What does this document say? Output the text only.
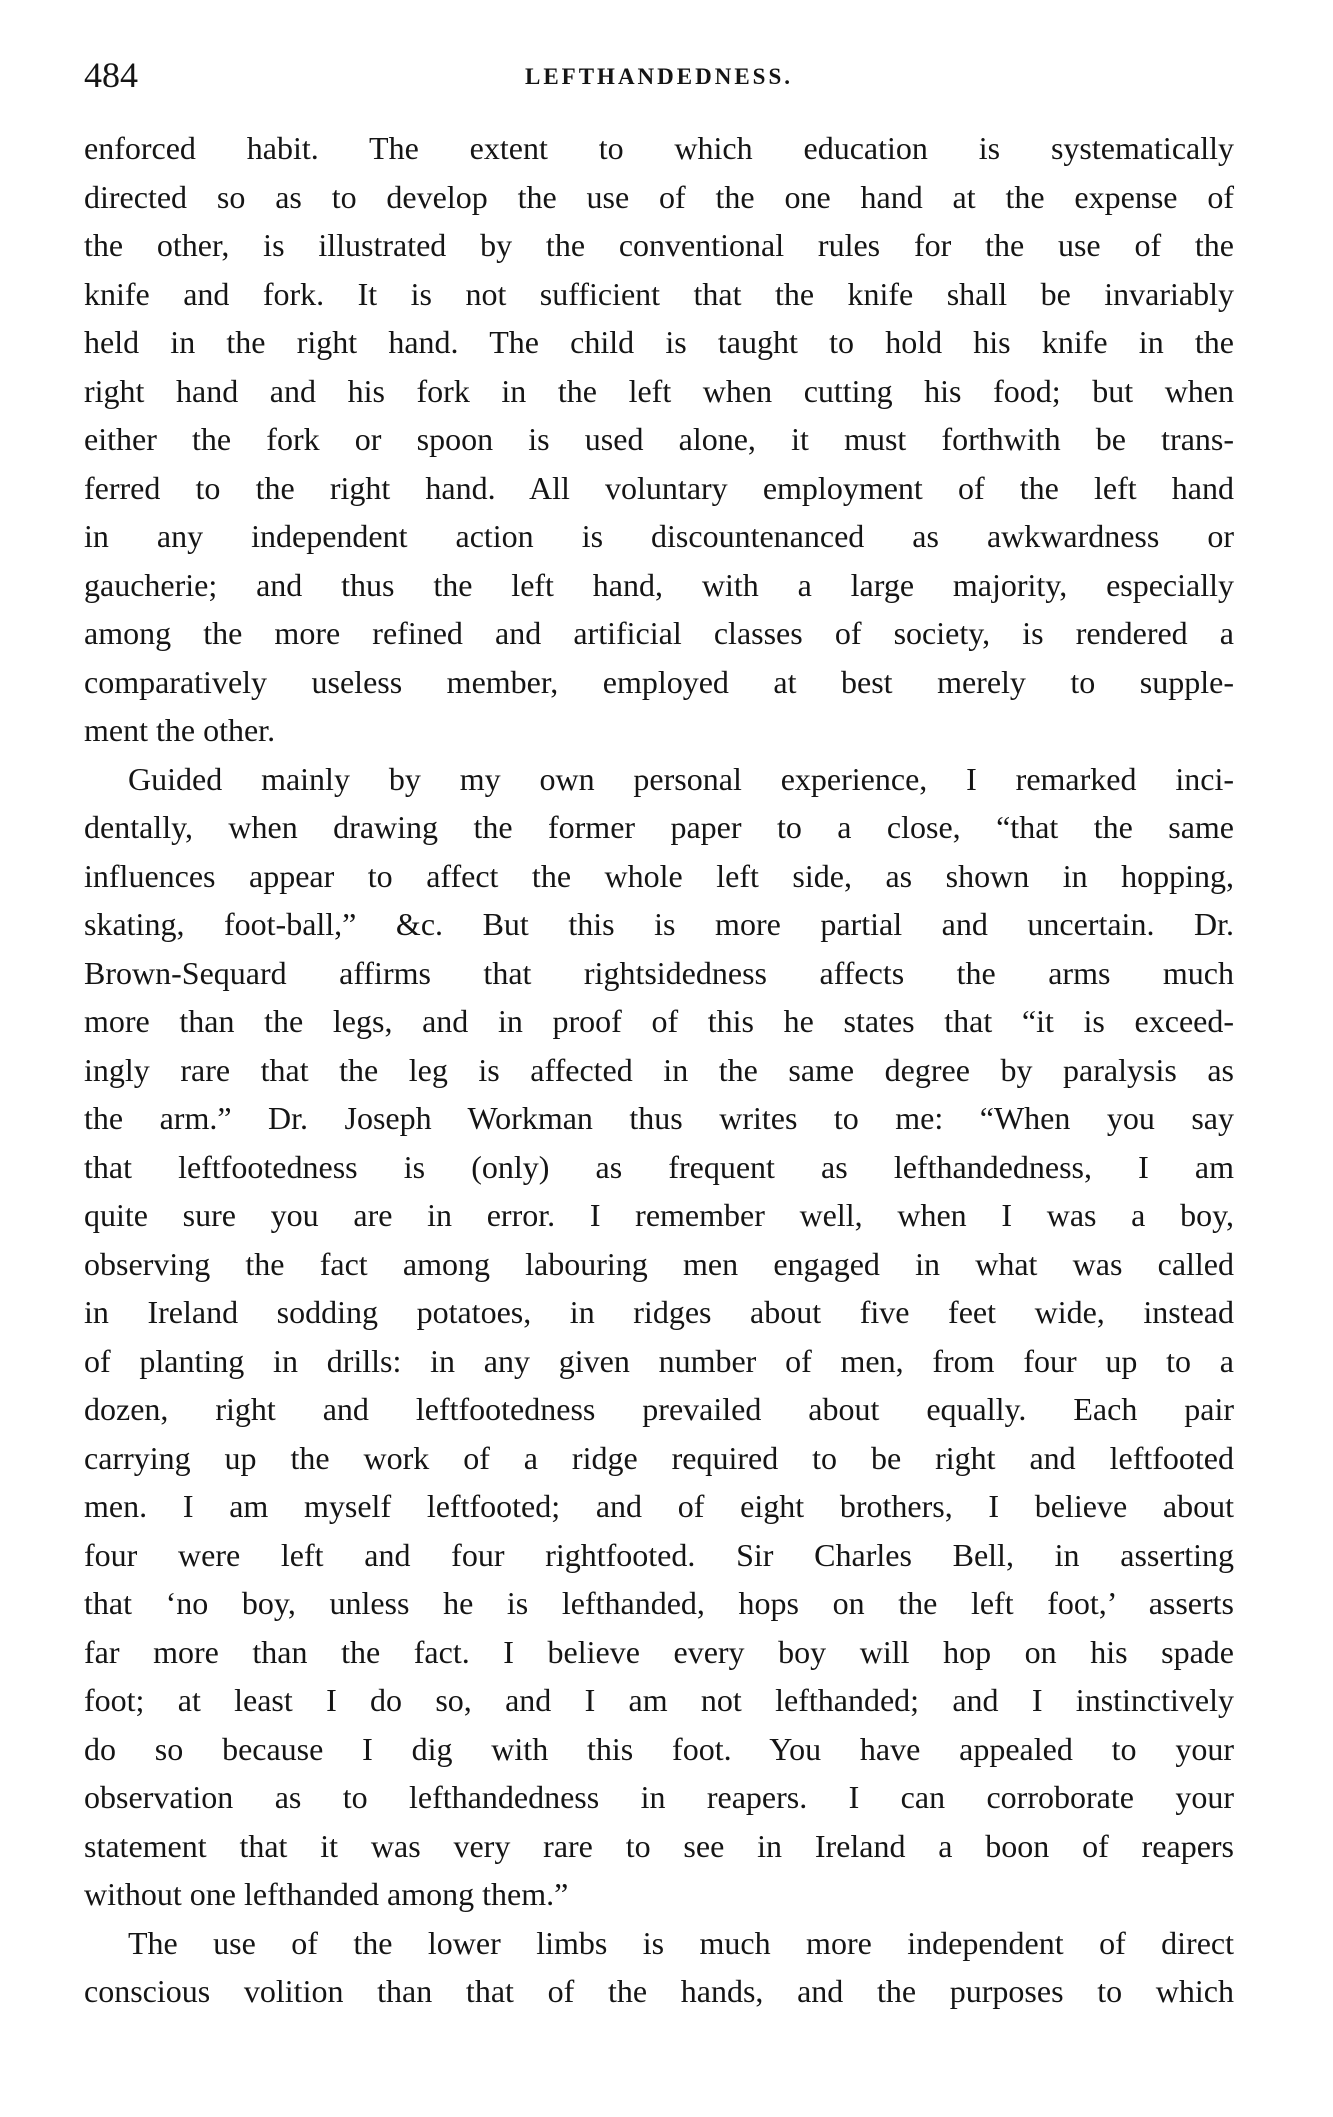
484	LEFTHANDEDNESS.

enforced habit. The extent to which education is systematically

directed so as to develop the use of the one hand at the expense of

the other, is illustrated by the conventional rules for the use of the

knife and fork. It is not sufficient that the knife shall be invariably

held in the right hand. The child is taught to hold his knife in the

right hand and his fork in the left when cutting his food; but when

either the fork or spoon is used alone, it must forthwith be trans-

ferred to the right hand. All voluntary employment of the left hand

in any independent action is discountenanced as awkwardness or

gaucherie; and thus the left hand, with a large majority, especially

among the more refined and artificial classes of society, is rendered a

comparatively useless member, employed at best merely to supple-

ment the other.

Guided mainly by my own personal experience, I remarked inci-

dentally, when drawing the former paper to a close, “that the same

influences appear to affect the whole left side, as shown in hopping,

skating, foot-ball,” &c. But this is more partial and uncertain. Dr.

Brown-Sequard affirms that rightsidedness affects the arms much

more than the legs, and in proof of this he states that “it is exceed-

ingly rare that the leg is affected in the same degree by paralysis as

the arm.” Dr. Joseph Workman thus writes to me: “When you say

that leftfootedness is (only) as frequent as lefthandedness, I am

quite sure you are in error. I remember well, when I was a boy,

observing the fact among labouring men engaged in what was called

in Ireland sodding potatoes, in ridges about five feet wide, instead

of planting in drills: in any given number of men, from four up to a

dozen, right and leftfootedness prevailed about equally. Each pair

carrying up the work of a ridge required to be right and leftfooted

men. I am myself leftfooted; and of eight brothers, I believe about

four were left and four rightfooted. Sir Charles Bell, in asserting

that ‘no boy, unless he is lefthanded, hops on the left foot,’ asserts

far more than the fact. I believe every boy will hop on his spade

foot; at least I do so, and I am not lefthanded; and I instinctively

do so because I dig with this foot. You have appealed to your

observation as to lefthandedness in reapers. I can corroborate your

statement that it was very rare to see in Ireland a boon of reapers

without one lefthanded among them.”

The use of the lower limbs is much more independent of direct

conscious volition than that of the hands, and the purposes to which
